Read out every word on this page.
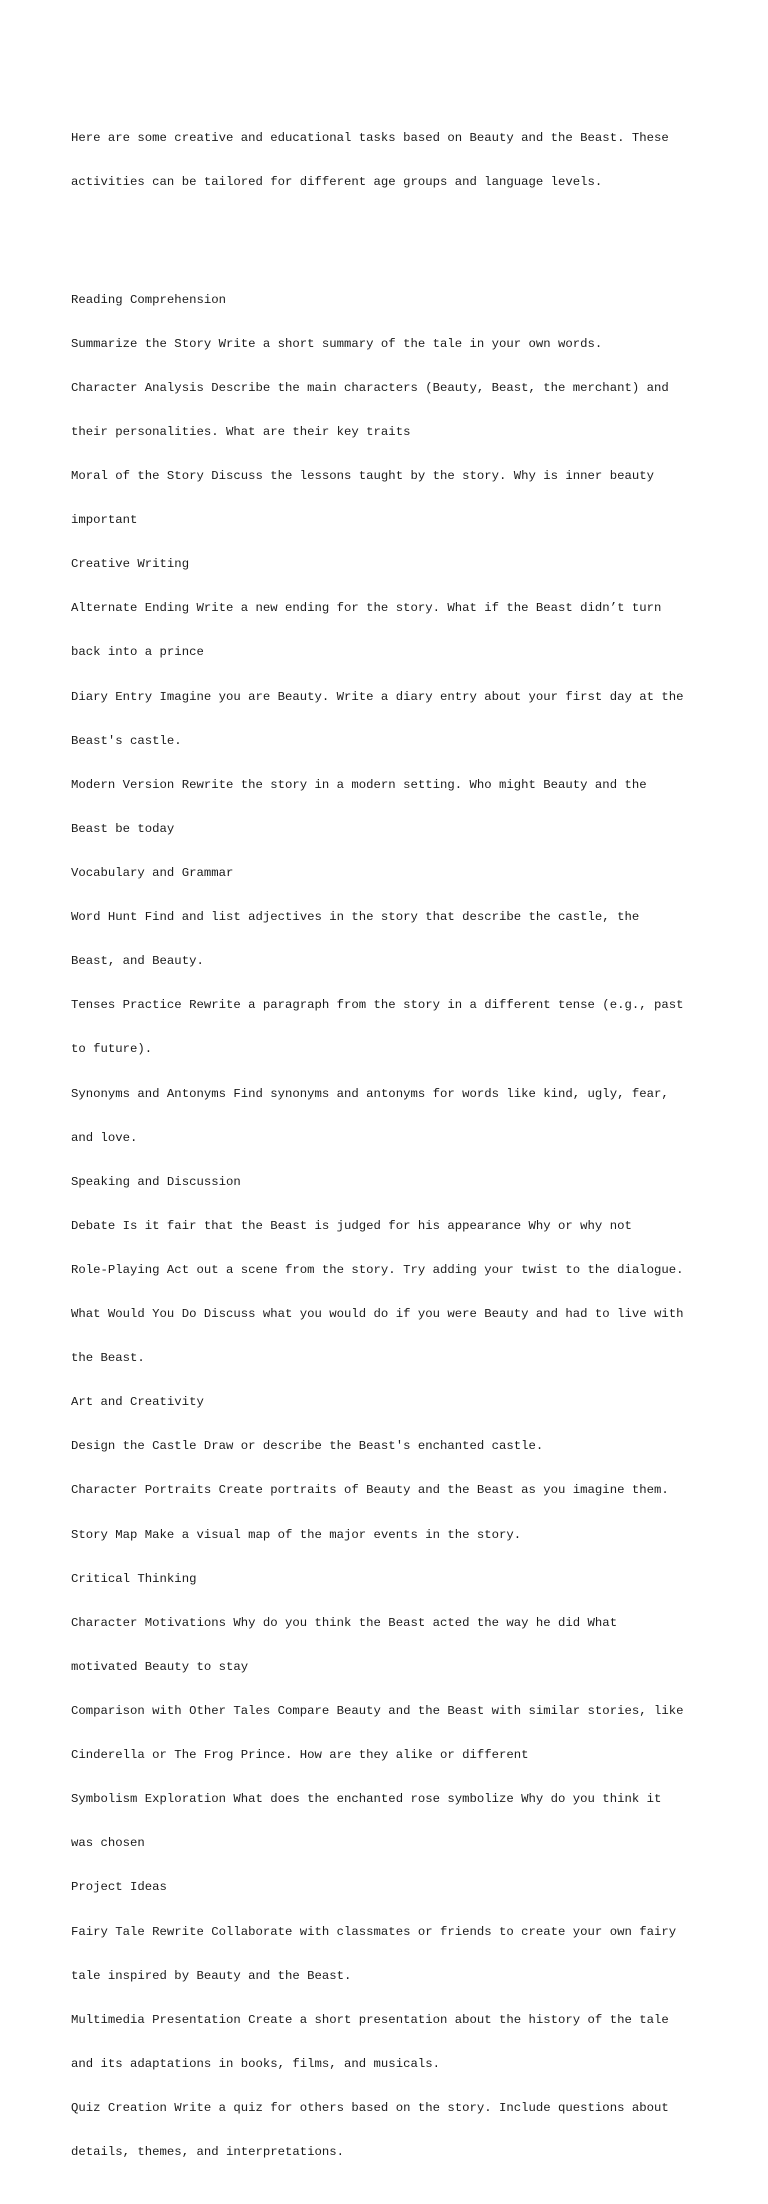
Here are some creative and educational tasks based on Beauty and the Beast. These

activities can be tailored for different age groups and language levels.

Reading Comprehension

Summarize the Story Write a short summary of the tale in your own words.

Character Analysis Describe the main characters (Beauty, Beast, the merchant) and

their personalities. What are their key traits

Moral of the Story Discuss the lessons taught by the story. Why is inner beauty

important

Creative Writing

Alternate Ending Write a new ending for the story. What if the Beast didn’t turn

back into a prince

Diary Entry Imagine you are Beauty. Write a diary entry about your first day at the

Beast's castle.

Modern Version Rewrite the story in a modern setting. Who might Beauty and the

Beast be today

Vocabulary and Grammar

Word Hunt Find and list adjectives in the story that describe the castle, the

Beast, and Beauty.

Tenses Practice Rewrite a paragraph from the story in a different tense (e.g., past

to future).

Synonyms and Antonyms Find synonyms and antonyms for words like kind, ugly, fear,

and love.

Speaking and Discussion

Debate Is it fair that the Beast is judged for his appearance Why or why not

Role-Playing Act out a scene from the story. Try adding your twist to the dialogue.

What Would You Do Discuss what you would do if you were Beauty and had to live with

the Beast.

Art and Creativity

Design the Castle Draw or describe the Beast's enchanted castle.

Character Portraits Create portraits of Beauty and the Beast as you imagine them.

Story Map Make a visual map of the major events in the story.

Critical Thinking

Character Motivations Why do you think the Beast acted the way he did What

motivated Beauty to stay

Comparison with Other Tales Compare Beauty and the Beast with similar stories, like

Cinderella or The Frog Prince. How are they alike or different

Symbolism Exploration What does the enchanted rose symbolize Why do you think it

was chosen

Project Ideas

Fairy Tale Rewrite Collaborate with classmates or friends to create your own fairy

tale inspired by Beauty and the Beast.

Multimedia Presentation Create a short presentation about the history of the tale

and its adaptations in books, films, and musicals.

Quiz Creation Write a quiz for others based on the story. Include questions about

details, themes, and interpretations.
